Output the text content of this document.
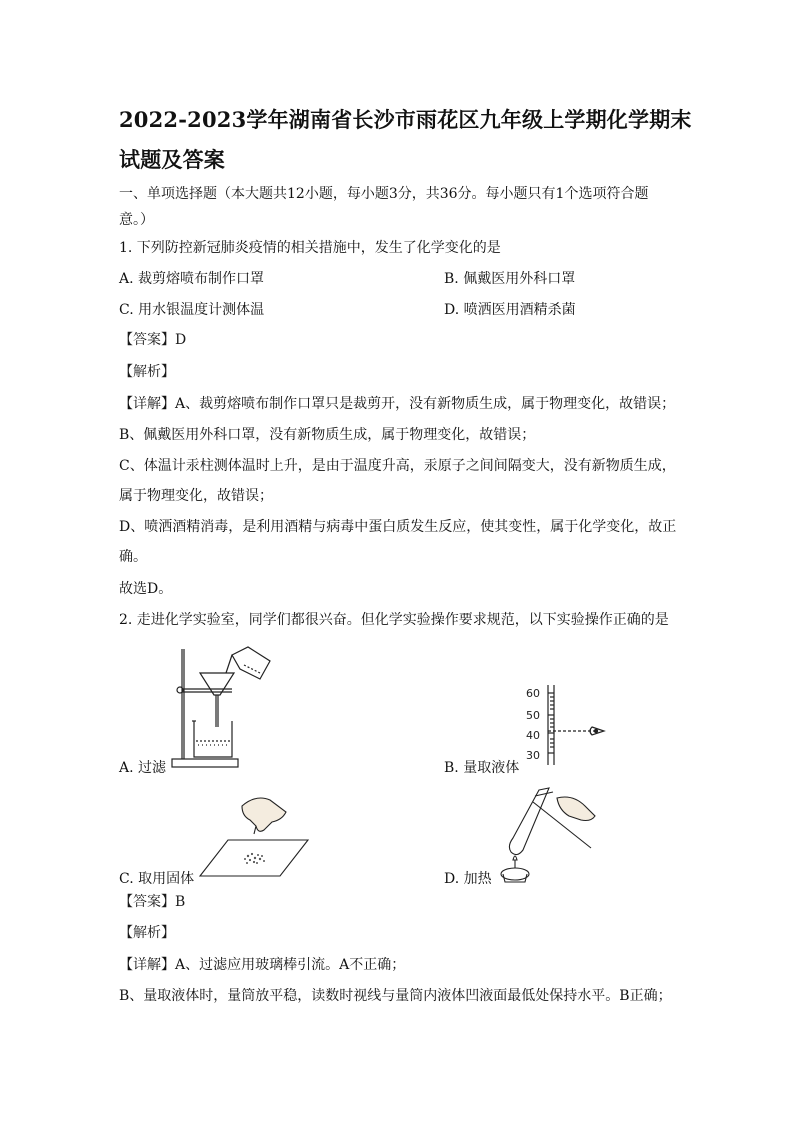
2022-2023学年湖南省长沙市雨花区九年级上学期化学期末
试题及答案
一、单项选择题（本大题共12小题，每小题3分，共36分。每小题只有1个选项符合题
意。）
1. 下列防控新冠肺炎疫情的相关措施中，发生了化学变化的是
A. 裁剪熔喷布制作口罩	B. 佩戴医用外科口罩
C. 用水银温度计测体温	D. 喷洒医用酒精杀菌
【答案】D
【解析】
【详解】A、裁剪熔喷布制作口罩只是裁剪开，没有新物质生成，属于物理变化，故错误；
B、佩戴医用外科口罩，没有新物质生成，属于物理变化，故错误；
C、体温计汞柱测体温时上升，是由于温度升高，汞原子之间间隔变大，没有新物质生成，
属于物理变化，故错误；
D、喷洒酒精消毒，是利用酒精与病毒中蛋白质发生反应，使其变性，属于化学变化，故正
确。
故选D。
2. 走进化学实验室，同学们都很兴奋。但化学实验操作要求规范，以下实验操作正确的是
A. 过滤
60
50
40
30
B. 量取液体
C. 取用固体	D. 加热
【答案】B
【解析】
【详解】A、过滤应用玻璃棒引流。A不正确；
B、量取液体时，量筒放平稳，读数时视线与量筒内液体凹液面最低处保持水平。B正确；
